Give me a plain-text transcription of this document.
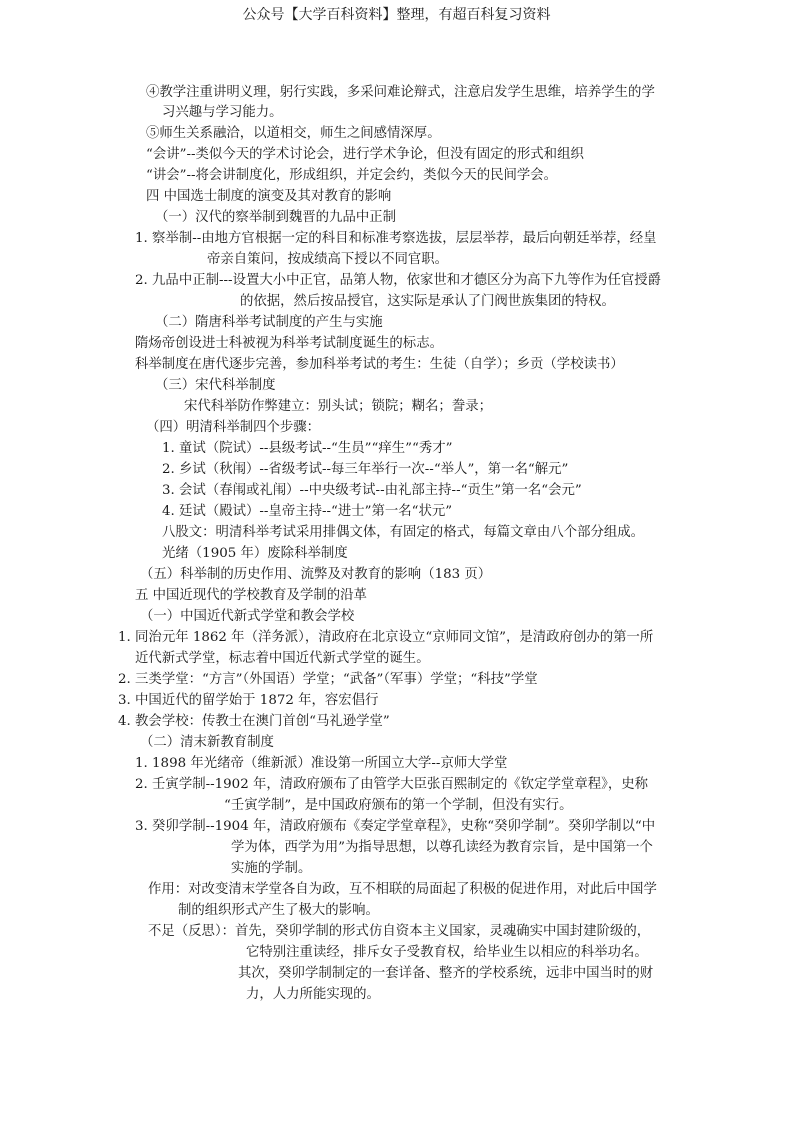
公众号【大学百科资料】整理，有超百科复习资料
④教学注重讲明义理，躬行实践，多采问难论辩式，注意启发学生思维，培养学生的学
习兴趣与学习能力。
⑤师生关系融洽，以道相交，师生之间感情深厚。
“会讲”--类似今天的学术讨论会，进行学术争论，但没有固定的形式和组织
“讲会”--将会讲制度化，形成组织，并定会约，类似今天的民间学会。
四 中国选士制度的演变及其对教育的影响
（一）汉代的察举制到魏晋的九品中正制
1. 察举制--由地方官根据一定的科目和标准考察选拔，层层举荐，最后向朝廷举荐，经皇
帝亲自策问，按成绩高下授以不同官职。
2. 九品中正制---设置大小中正官，品第人物，依家世和才德区分为高下九等作为任官授爵
的依据，然后按品授官，这实际是承认了门阀世族集团的特权。
（二）隋唐科举考试制度的产生与实施
隋炀帝创设进士科被视为科举考试制度诞生的标志。
科举制度在唐代逐步完善，参加科举考试的考生：生徒（自学）；乡贡（学校读书）
（三）宋代科举制度
宋代科举防作弊建立：别头试；锁院；糊名；誊录；
（四）明清科举制四个步骤：
1. 童试（院试）--县级考试--“生员”“痒生”“秀才”
2. 乡试（秋闱）--省级考试--每三年举行一次--“举人”，第一名“解元”
3. 会试（春闱或礼闱）--中央级考试--由礼部主持--“贡生”第一名“会元”
4. 廷试（殿试）--皇帝主持--“进士”第一名“状元”
八股文：明清科举考试采用排偶文体，有固定的格式，每篇文章由八个部分组成。
光绪（1905 年）废除科举制度
（五）科举制的历史作用、流弊及对教育的影响（183 页）
五 中国近现代的学校教育及学制的沿革
（一）中国近代新式学堂和教会学校
1. 同治元年 1862 年（洋务派），清政府在北京设立“京师同文馆”，是清政府创办的第一所
近代新式学堂，标志着中国近代新式学堂的诞生。
2. 三类学堂：“方言”（外国语）学堂；“武备”（军事）学堂；“科技”学堂
3. 中国近代的留学始于 1872 年，容宏倡行
4. 教会学校：传教士在澳门首创“马礼逊学堂”
（二）清末新教育制度
1. 1898 年光绪帝（维新派）准设第一所国立大学--京师大学堂
2. 壬寅学制--1902 年，清政府颁布了由管学大臣张百熙制定的《钦定学堂章程》，史称
“壬寅学制”，是中国政府颁布的第一个学制，但没有实行。
3. 癸卯学制--1904 年，清政府颁布《奏定学堂章程》，史称“癸卯学制”。癸卯学制以“中
学为体，西学为用”为指导思想，以尊孔读经为教育宗旨，是中国第一个
实施的学制。
作用：对改变清末学堂各自为政，互不相联的局面起了积极的促进作用，对此后中国学
制的组织形式产生了极大的影响。
不足（反思）：首先，癸卯学制的形式仿自资本主义国家，灵魂确实中国封建阶级的，
它特别注重读经，排斥女子受教育权，给毕业生以相应的科举功名。
其次，癸卯学制制定的一套详备、整齐的学校系统，远非中国当时的财
力，人力所能实现的。
